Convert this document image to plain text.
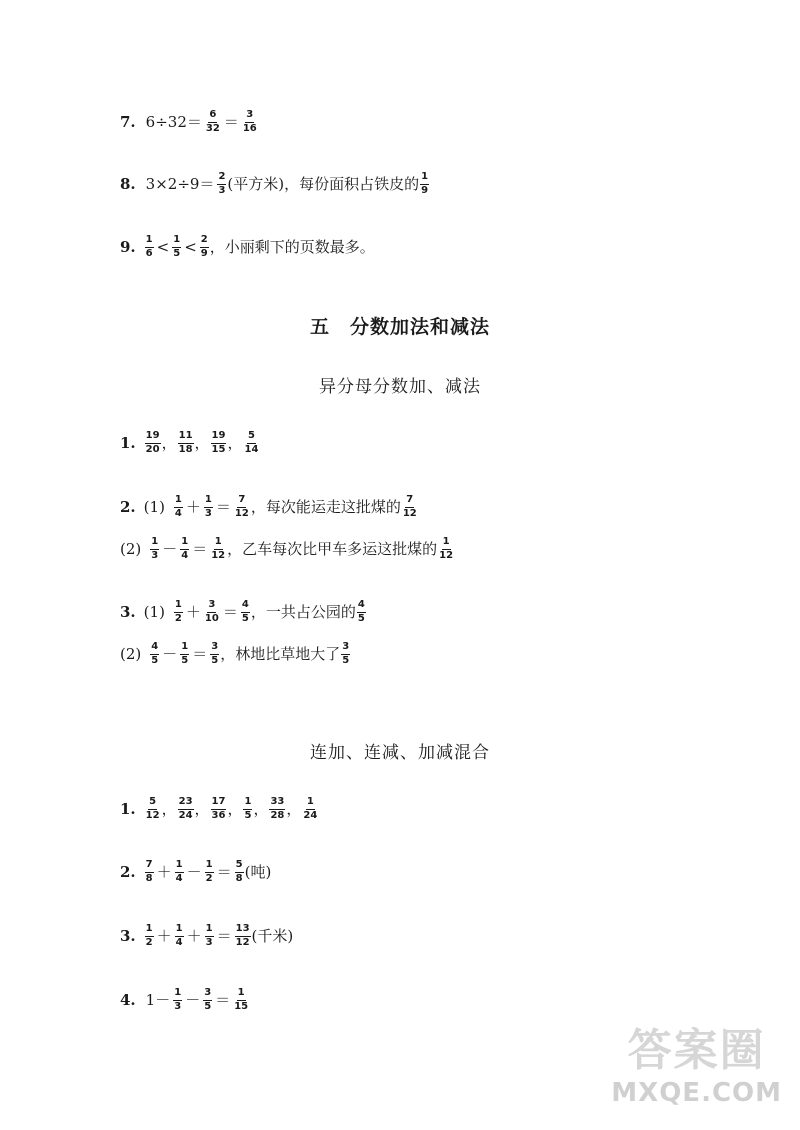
五　分数加法和减法
异分母分数加、减法
连加、连减、加减混合
7. $6\div 32= \frac{6}{32} = \frac{3}{16}$
8. $3\times 2\div 9= \frac{2}{3}$ (平方米)，每份面积占铁皮的 $\frac{1}{9}$
9. $\frac{1}{6} < \frac{1}{5} < \frac{2}{9}$ ，小丽剩下的页数最多。
1. $\frac{19}{20}$ ， $\frac{11}{18}$ ， $\frac{19}{15}$ ， $\frac{5}{14}$
2. $(1) \frac{1}{4} + \frac{1}{3} = \frac{7}{12}$ ，每次能运走这批煤的 $\frac{7}{12}$
$(2) \frac{1}{3} - \frac{1}{4} = \frac{1}{12}$ ，乙车每次比甲车多运这批煤的 $\frac{1}{12}$
3. $(1) \frac{1}{2} + \frac{3}{10} = \frac{4}{5}$ ，一共占公园的 $\frac{4}{5}$
$(2) \frac{4}{5} - \frac{1}{5} = \frac{3}{5}$ ，林地比草地大了 $\frac{3}{5}$
1. $\frac{5}{12}$ ， $\frac{23}{24}$ ， $\frac{17}{36}$ ， $\frac{1}{5}$ ， $\frac{33}{28}$ ， $\frac{1}{24}$
2. $\frac{7}{8} + \frac{1}{4} - \frac{1}{2} = \frac{5}{8}$ (吨)
3. $\frac{1}{2} + \frac{1}{4} + \frac{1}{3} = \frac{13}{12}$ (千米)
4. $1- \frac{1}{3} - \frac{3}{5} = \frac{1}{15}$
答案圈
MXQE.COM
